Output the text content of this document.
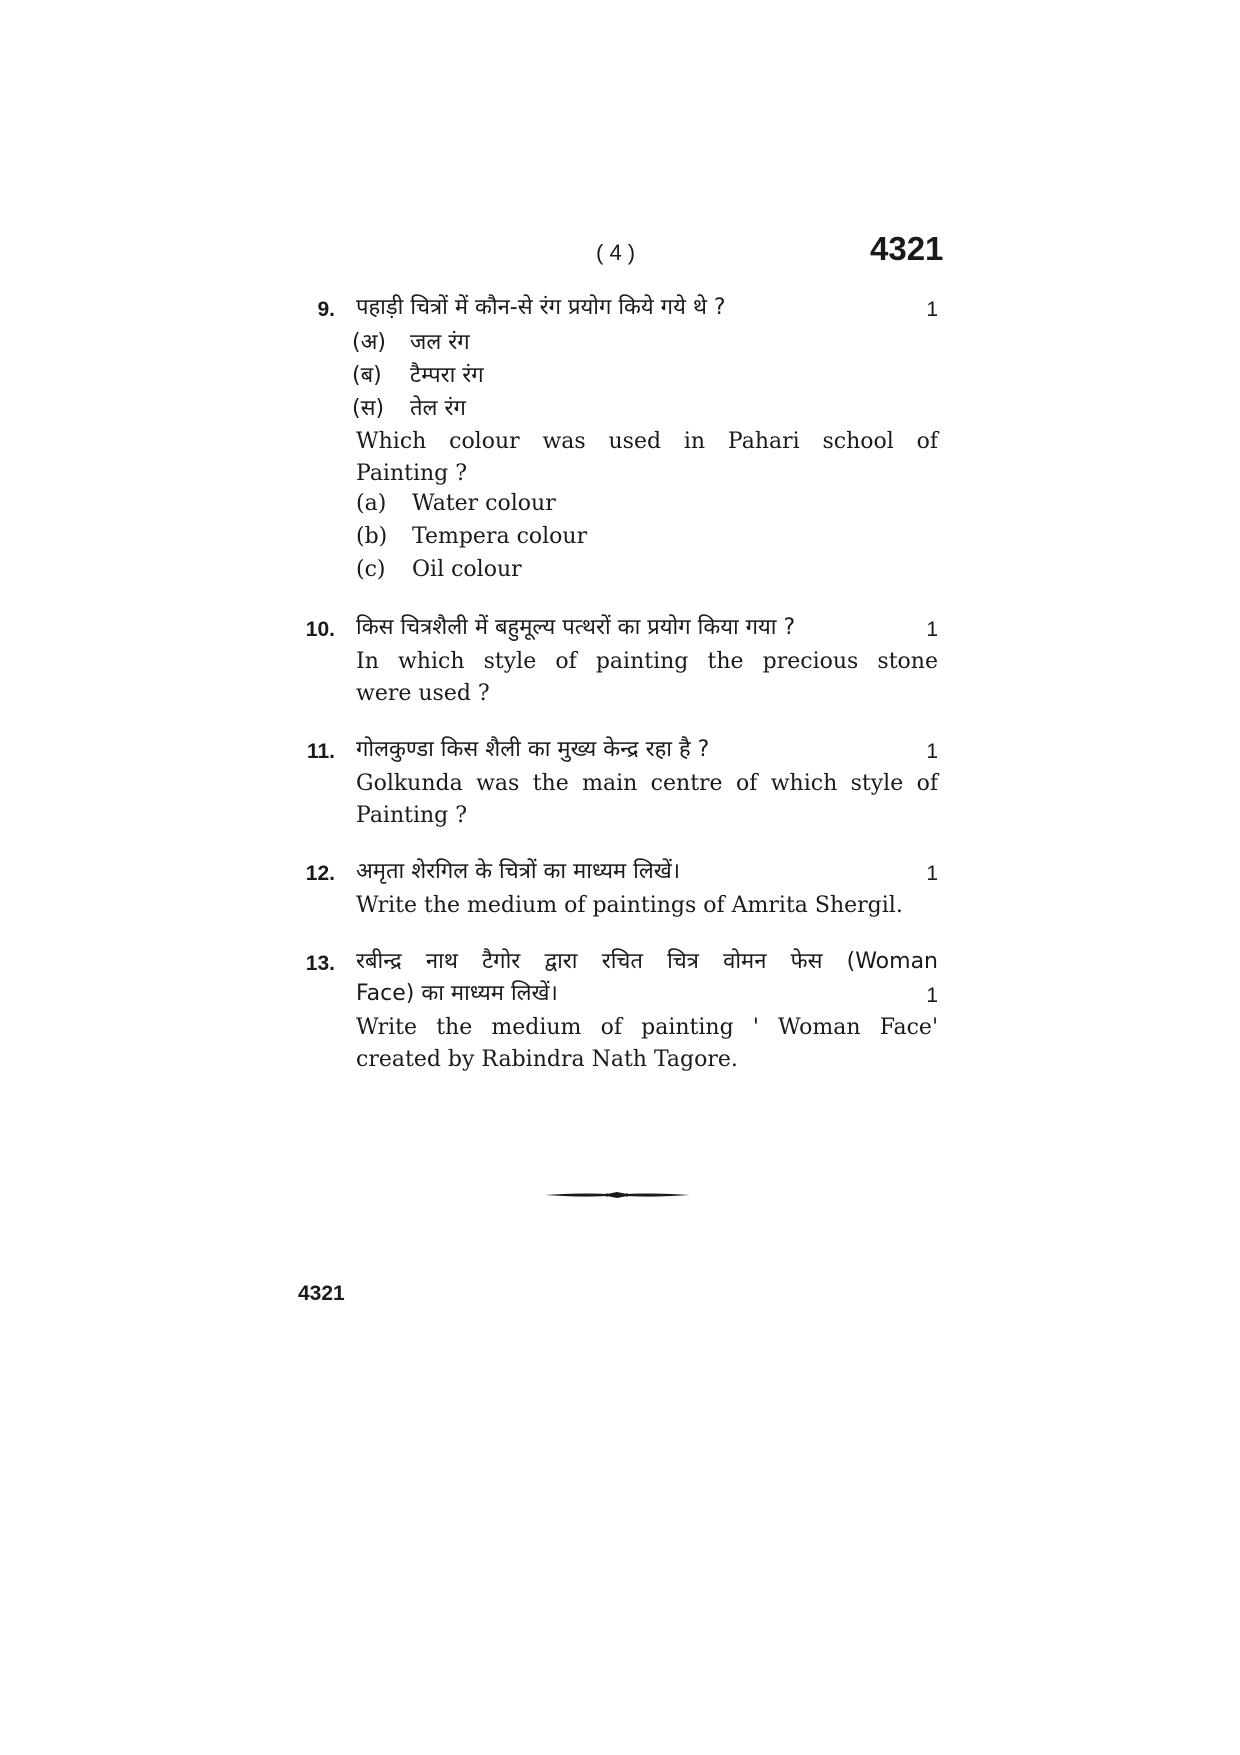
( 4 )	4321
9. पहाड़ी चित्रों में कौन-से रंग प्रयोग किये गये थे ?	1
(अ) जल रंग
(ब) टैम्परा रंग
(स) तेल रंग
Which colour was used in Pahari school of
Painting ?
(a) Water colour
(b) Tempera colour
(c) Oil colour
10. किस चित्रशैली में बहुमूल्य पत्थरों का प्रयोग किया गया ?	1
In which style of painting the precious stone
were used ?
11. गोलकुण्डा किस शैली का मुख्य केन्द्र रहा है ?	1
Golkunda was the main centre of which style of
Painting ?
12. अमृता शेरगिल के चित्रों का माध्यम लिखें।	1
Write the medium of paintings of Amrita Shergil.
13. रबीन्द्र नाथ टैगोर द्वारा रचित चित्र वोमन फेस (Woman
Face) का माध्यम लिखें।	1
Write the medium of painting ' Woman Face'
created by Rabindra Nath Tagore.
4321
